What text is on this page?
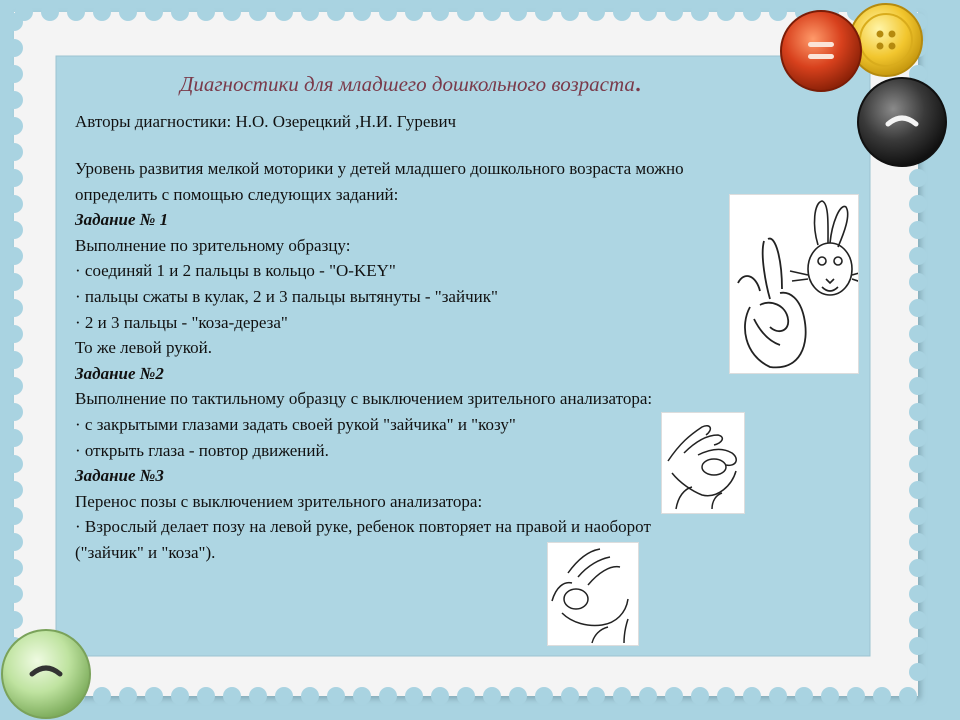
Диагностики для младшего дошкольного возраста.
Авторы диагностики: Н.О. Озерецкий ,Н.И. Гуревич
Уровень развития мелкой моторики у детей младшего дошкольного возраста можно
определить с помощью следующих заданий:
Задание № 1
Выполнение по зрительному образцу:
· соединяй 1 и 2 пальцы в кольцо - "O-KEY"
· пальцы сжаты в кулак, 2 и 3 пальцы вытянуты - "зайчик"
· 2 и 3 пальцы - "коза-дереза"
То же левой рукой.
Задание №2
Выполнение по тактильному образцу с выключением зрительного анализатора:
· с закрытыми глазами задать своей рукой "зайчика" и "козу"
· открыть глаза - повтор движений.
Задание №3
Перенос позы с выключением зрительного анализатора:
· Взрослый делает позу на левой руке, ребенок повторяет на правой и наоборот
("зайчик" и "коза").
